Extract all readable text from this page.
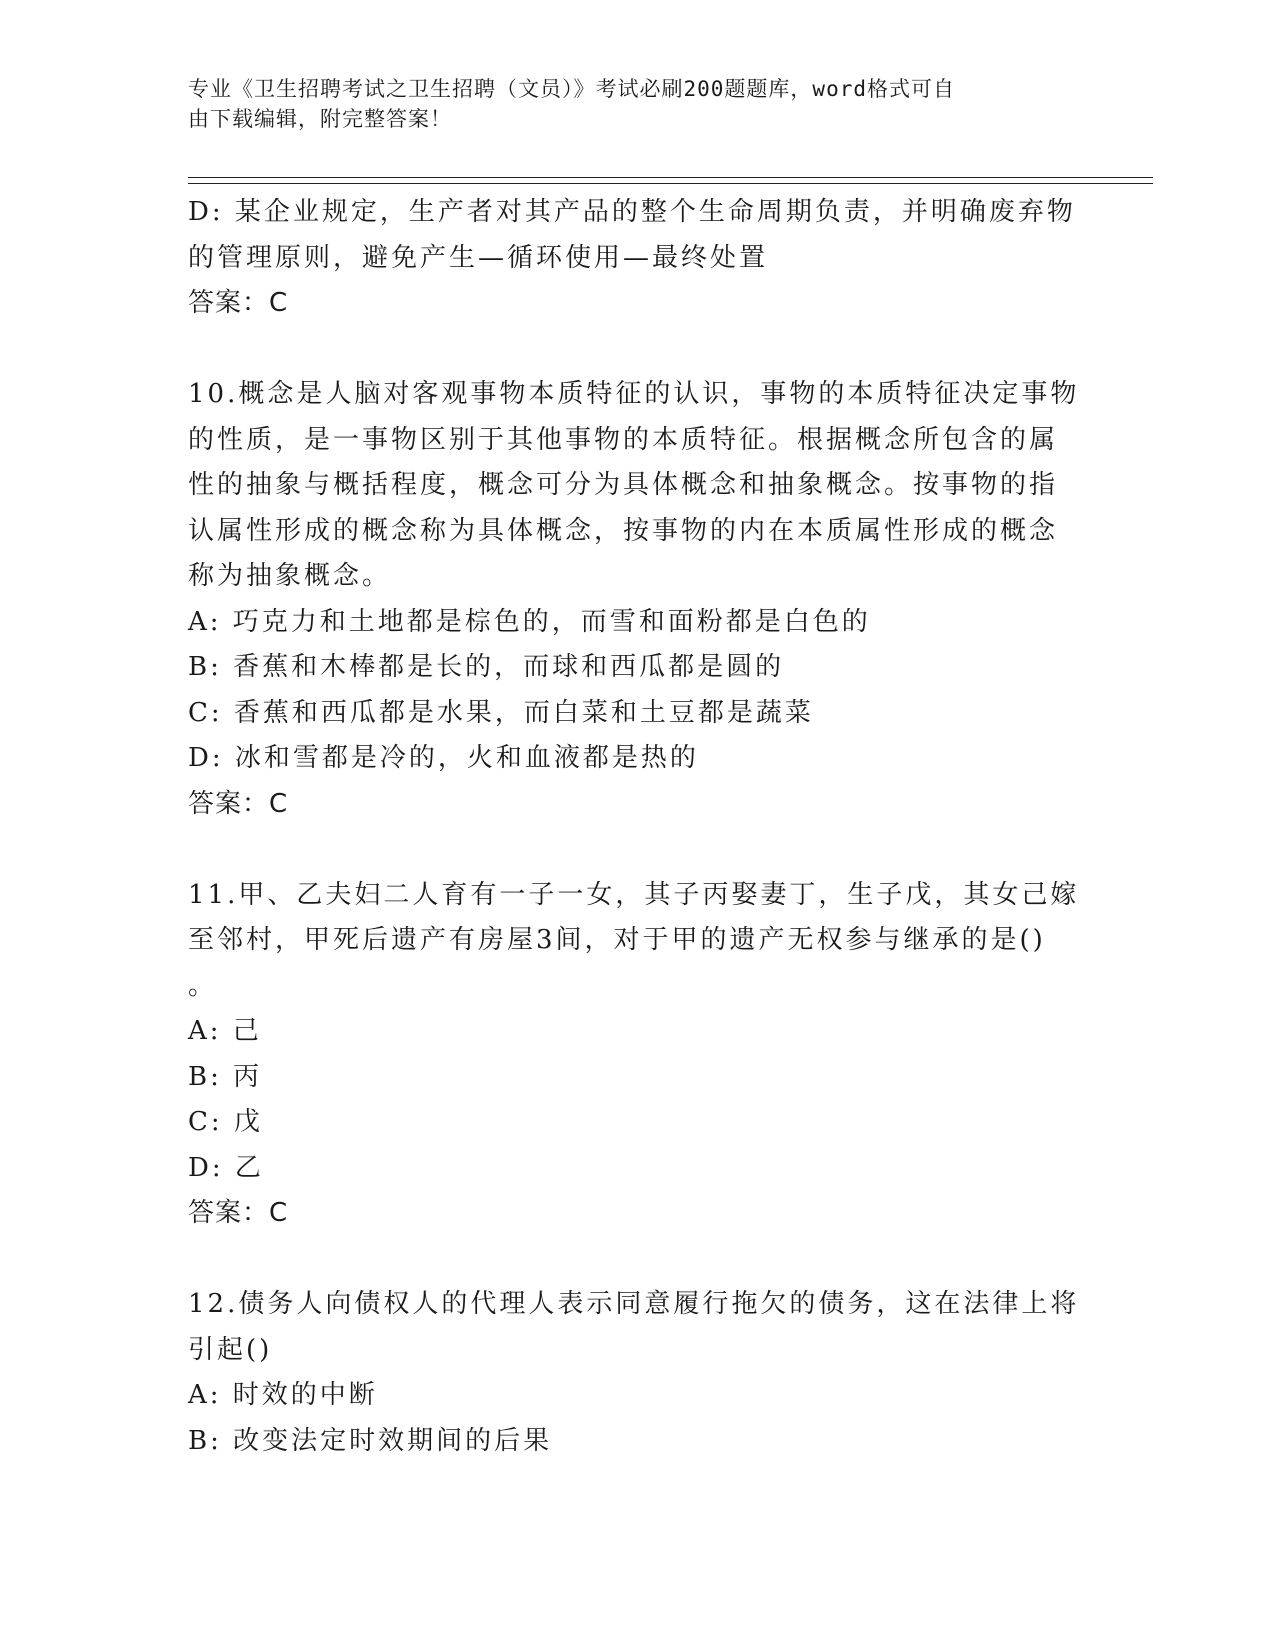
专业《卫生招聘考试之卫生招聘（文员）》考试必刷200题题库，word格式可自
由下载编辑，附完整答案！
D: 某企业规定，生产者对其产品的整个生命周期负责，并明确废弃物
的管理原则，避免产生—循环使用—最终处置
答案：C
10.概念是人脑对客观事物本质特征的认识，事物的本质特征决定事物
的性质，是一事物区别于其他事物的本质特征。根据概念所包含的属
性的抽象与概括程度，概念可分为具体概念和抽象概念。按事物的指
认属性形成的概念称为具体概念，按事物的内在本质属性形成的概念
称为抽象概念。
A: 巧克力和土地都是棕色的，而雪和面粉都是白色的
B: 香蕉和木棒都是长的，而球和西瓜都是圆的
C: 香蕉和西瓜都是水果，而白菜和土豆都是蔬菜
D: 冰和雪都是冷的，火和血液都是热的
答案：C
11.甲、乙夫妇二人育有一子一女，其子丙娶妻丁，生子戊，其女己嫁
至邻村，甲死后遗产有房屋3间，对于甲的遗产无权参与继承的是()
。
A: 己
B: 丙
C: 戊
D: 乙
答案：C
12.债务人向债权人的代理人表示同意履行拖欠的债务，这在法律上将
引起()
A: 时效的中断
B: 改变法定时效期间的后果
